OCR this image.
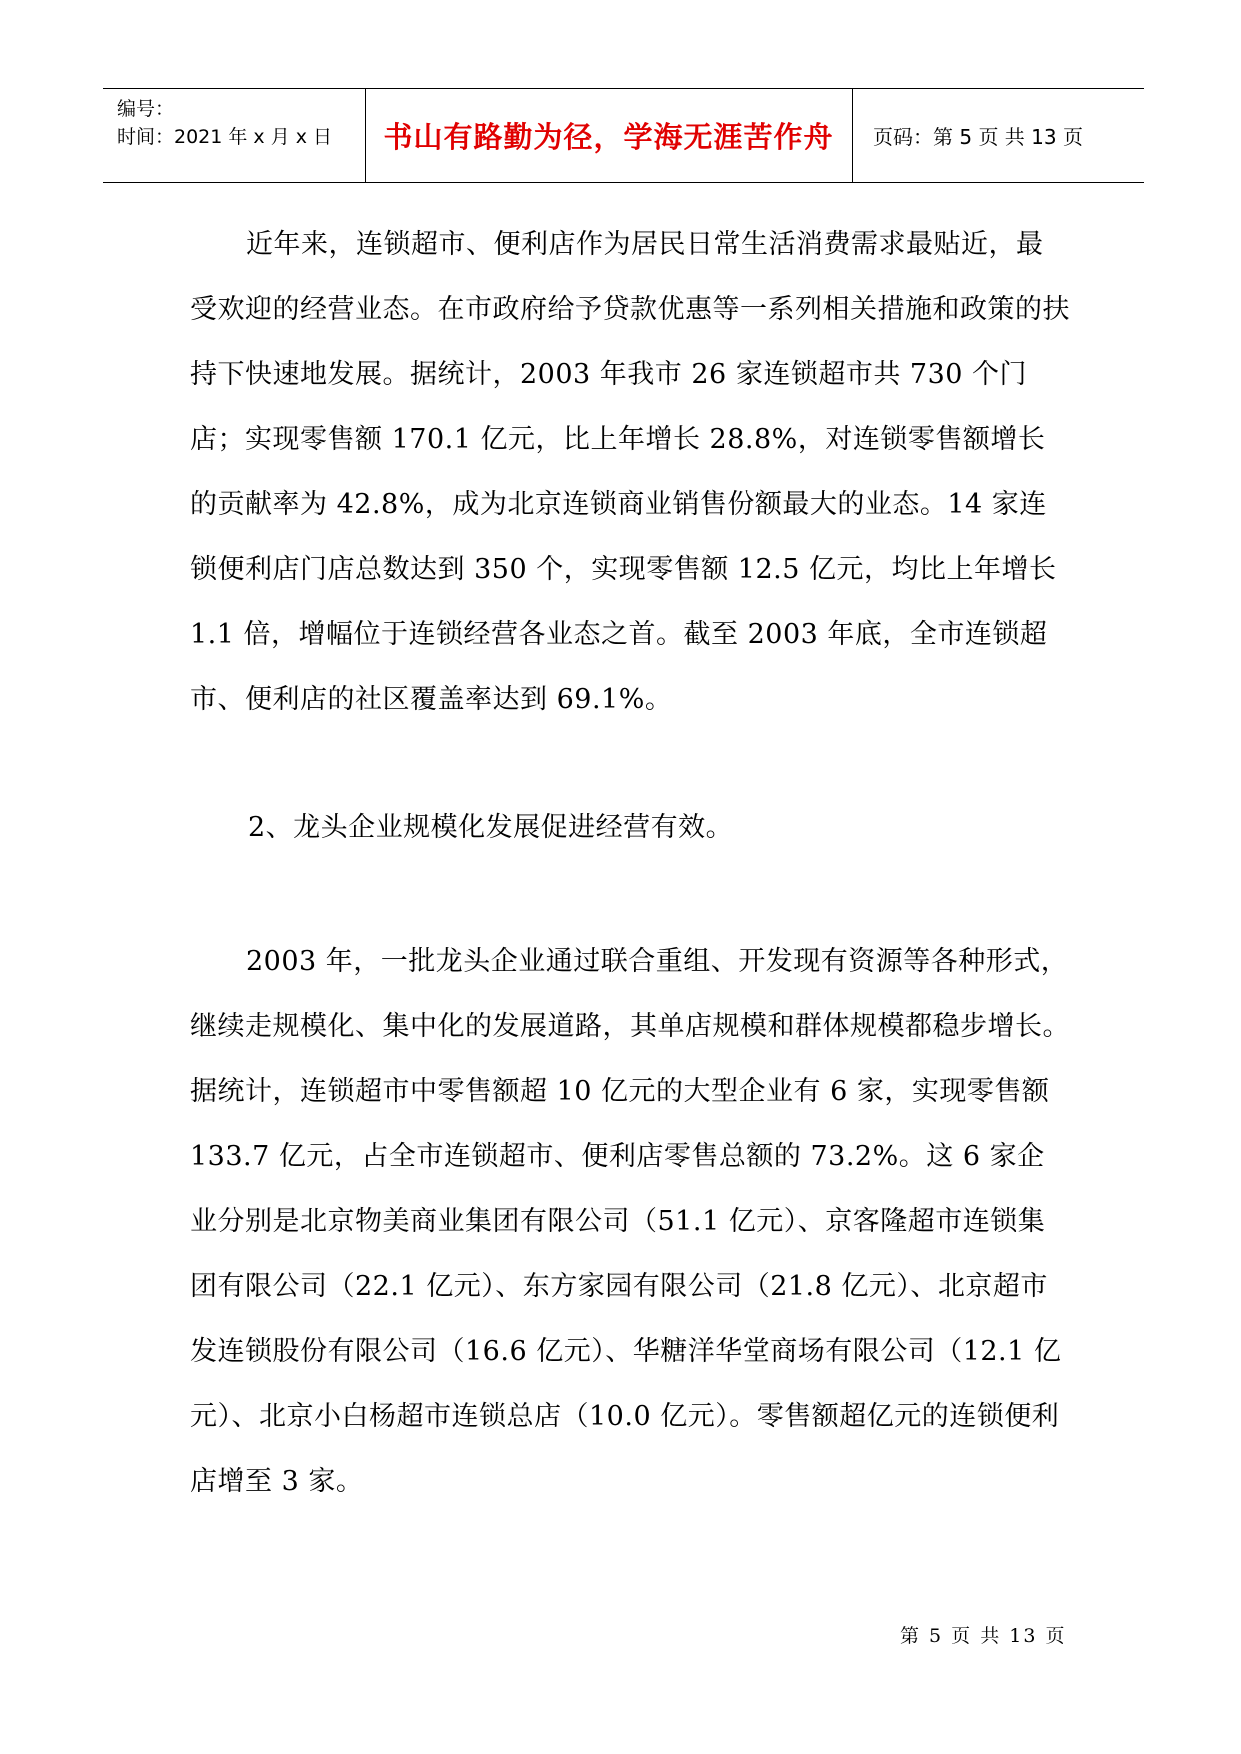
编号：
时间：2021 年 x 月 x 日	书山有路勤为径，学海无涯苦作舟	页码：第 5 页 共 13 页

近年来，连锁超市、便利店作为居民日常生活消费需求最贴近，最受欢迎的经营业态。在市政府给予贷款优惠等一系列相关措施和政策的扶持下快速地发展。据统计，2003 年我市 26 家连锁超市共 730 个门店；实现零售额 170.1 亿元，比上年增长 28.8%，对连锁零售额增长的贡献率为 42.8%，成为北京连锁商业销售份额最大的业态。14 家连锁便利店门店总数达到 350 个，实现零售额 12.5 亿元，均比上年增长 1.1 倍，增幅位于连锁经营各业态之首。截至 2003 年底，全市连锁超市、便利店的社区覆盖率达到 69.1%。

2、龙头企业规模化发展促进经营有效。

2003 年，一批龙头企业通过联合重组、开发现有资源等各种形式，继续走规模化、集中化的发展道路，其单店规模和群体规模都稳步增长。据统计，连锁超市中零售额超 10 亿元的大型企业有 6 家，实现零售额 133.7 亿元，占全市连锁超市、便利店零售总额的 73.2%。这 6 家企业分别是北京物美商业集团有限公司（51.1 亿元）、京客隆超市连锁集团有限公司（22.1 亿元）、东方家园有限公司（21.8 亿元）、北京超市发连锁股份有限公司（16.6 亿元）、华糖洋华堂商场有限公司（12.1 亿元）、北京小白杨超市连锁总店（10.0 亿元）。零售额超亿元的连锁便利店增至 3 家。

第 5 页 共 13 页
